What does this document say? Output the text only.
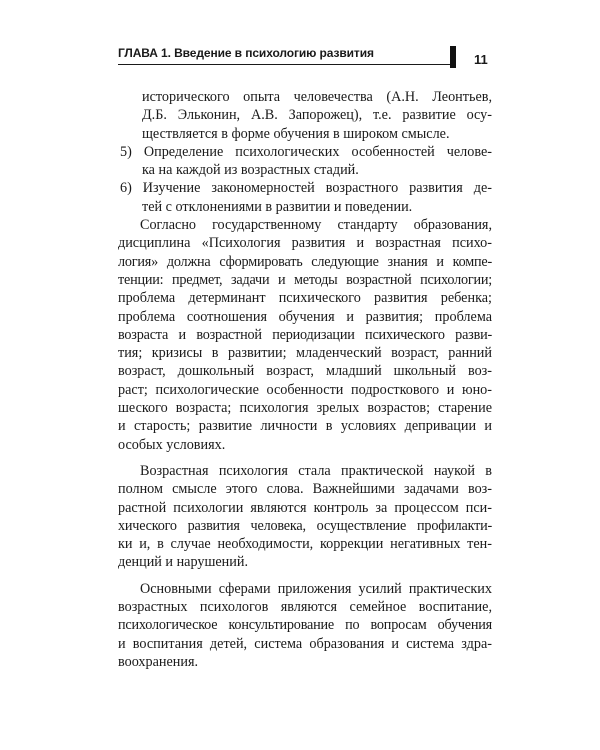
ГЛАВА 1. Введение в психологию развития	11
исторического опыта человечества (А.Н. Леонтьев,
Д.Б. Эльконин, А.В. Запорожец), т.е. развитие осу-
ществляется в форме обучения в широком смысле.
5) Определение психологических особенностей челове-
ка на каждой из возрастных стадий.
6) Изучение закономерностей возрастного развития де-
тей с отклонениями в развитии и поведении.
Согласно государственному стандарту образования,
дисциплина «Психология развития и возрастная психо-
логия» должна сформировать следующие знания и компе-
тенции: предмет, задачи и методы возрастной психологии;
проблема детерминант психического развития ребенка;
проблема соотношения обучения и развития; проблема
возраста и возрастной периодизации психического разви-
тия; кризисы в развитии; младенческий возраст, ранний
возраст, дошкольный возраст, младший школьный воз-
раст; психологические особенности подросткового и юно-
шеского возраста; психология зрелых возрастов; старение
и старость; развитие личности в условиях депривации и
особых условиях.
Возрастная психология стала практической наукой в
полном смысле этого слова. Важнейшими задачами воз-
растной психологии являются контроль за процессом пси-
хического развития человека, осуществление профилакти-
ки и, в случае необходимости, коррекции негативных тен-
денций и нарушений.
Основными сферами приложения усилий практических
возрастных психологов являются семейное воспитание,
психологическое консультирование по вопросам обучения
и воспитания детей, система образования и система здра-
воохранения.
